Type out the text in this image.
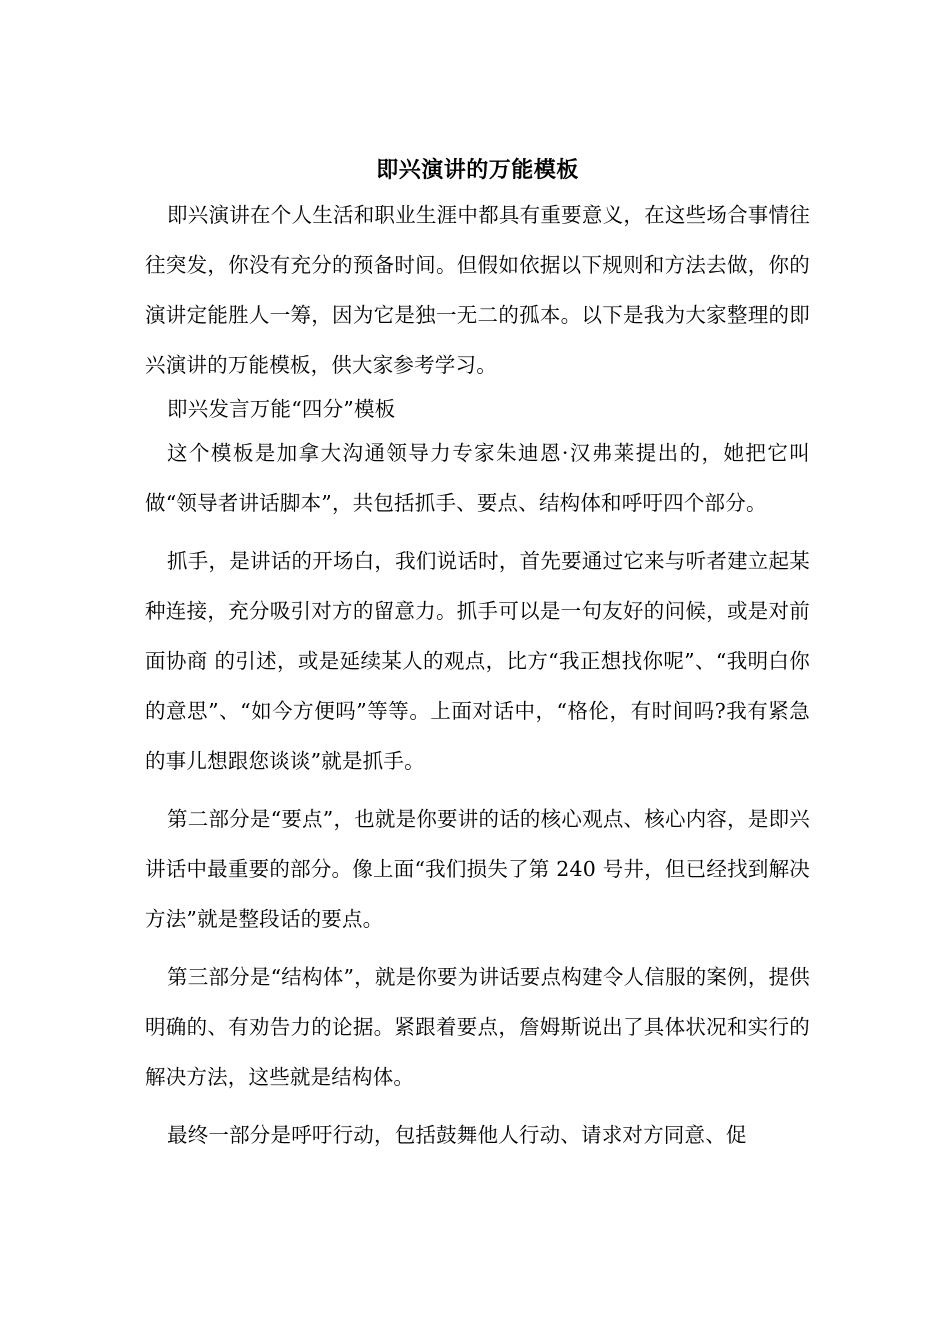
即兴演讲的万能模板

即兴演讲在个人生活和职业生涯中都具有重要意义，在这些场合事情往往突发，你没有充分的预备时间。但假如依据以下规则和方法去做，你的演讲定能胜人一筹，因为它是独一无二的孤本。以下是我为大家整理的即兴演讲的万能模板，供大家参考学习。

即兴发言万能“四分”模板

这个模板是加拿大沟通领导力专家朱迪恩·汉弗莱提出的，她把它叫做“领导者讲话脚本”，共包括抓手、要点、结构体和呼吁四个部分。

抓手，是讲话的开场白，我们说话时，首先要通过它来与听者建立起某种连接，充分吸引对方的留意力。抓手可以是一句友好的问候，或是对前面协商 的引述，或是延续某人的观点，比方“我正想找你呢”、“我明白你的意思”、“如今方便吗”等等。上面对话中，“格伦，有时间吗?我有紧急的事儿想跟您谈谈”就是抓手。

第二部分是“要点”，也就是你要讲的话的核心观点、核心内容，是即兴讲话中最重要的部分。像上面“我们损失了第 240 号井，但已经找到解决方法”就是整段话的要点。

第三部分是“结构体”，就是你要为讲话要点构建令人信服的案例，提供明确的、有劝告力的论据。紧跟着要点，詹姆斯说出了具体状况和实行的解决方法，这些就是结构体。

最终一部分是呼吁行动，包括鼓舞他人行动、请求对方同意、促
